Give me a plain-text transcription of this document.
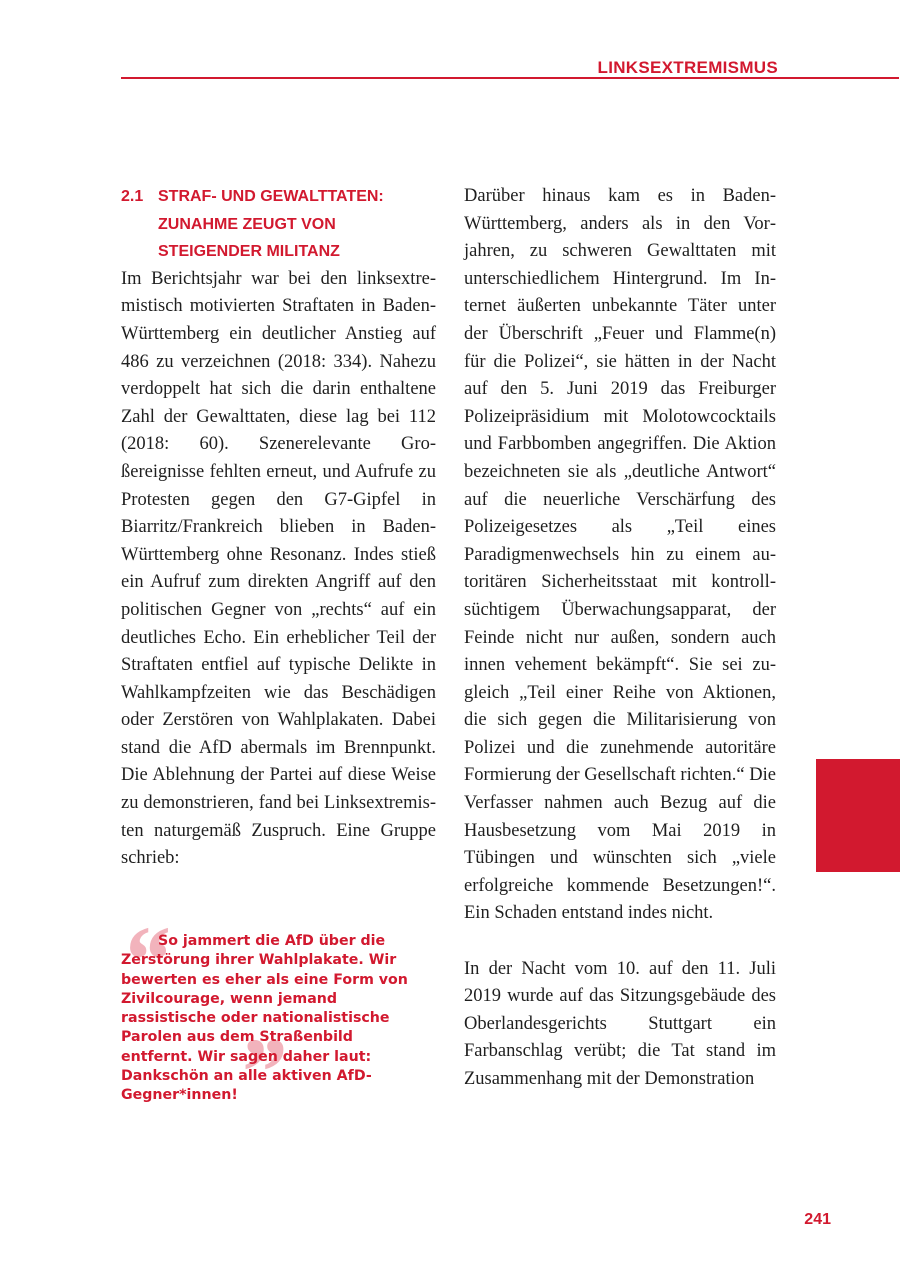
LINKSEXTREMISMUS
2.1 STRAF- UND GEWALTTATEN: ZUNAHME ZEUGT VON STEIGENDER MILITANZ

Im Berichtsjahr war bei den linksextremistisch motivierten Straftaten in Baden-Württemberg ein deutlicher Anstieg auf 486 zu verzeichnen (2018: 334). Nahezu verdoppelt hat sich die darin enthaltene Zahl der Gewalttaten, diese lag bei 112 (2018: 60). Szenerelevante Großereignisse fehlten erneut, und Aufrufe zu Protesten gegen den G7-Gipfel in Biarritz/Frankreich blieben in Baden-Württemberg ohne Resonanz. Indes stieß ein Aufruf zum direkten Angriff auf den politischen Gegner von „rechts“ auf ein deutliches Echo. Ein erheblicher Teil der Straftaten entfiel auf typische Delikte in Wahlkampfzeiten wie das Beschädigen oder Zerstören von Wahlplakaten. Dabei stand die AfD abermals im Brennpunkt. Die Ablehnung der Partei auf diese Weise zu demonstrieren, fand bei Linksextremisten naturgemäß Zuspruch. Eine Gruppe schrieb:

“
”
So jammert die AfD über die Zerstörung ihrer Wahlplakate. Wir bewerten es eher als eine Form von Zivilcourage, wenn jemand rassistische oder nationalistische Parolen aus dem Straßenbild entfernt. Wir sagen daher laut: Dankschön an alle aktiven AfD-Gegner*innen!

Darüber hinaus kam es in Baden-Württemberg, anders als in den Vorjahren, zu schweren Gewalttaten mit unterschiedlichem Hintergrund. Im Internet äußerten unbekannte Täter unter der Überschrift „Feuer und Flamme(n) für die Polizei“, sie hätten in der Nacht auf den 5. Juni 2019 das Freiburger Polizeipräsidium mit Molotowcocktails und Farbbomben angegriffen. Die Aktion bezeichneten sie als „deutliche Antwort“ auf die neuerliche Verschärfung des Polizeigesetzes als „Teil eines Paradigmenwechsels hin zu einem autoritären Sicherheitsstaat mit kontrollsüchtigem Überwachungsapparat, der Feinde nicht nur außen, sondern auch innen vehement bekämpft“. Sie sei zugleich „Teil einer Reihe von Aktionen, die sich gegen die Militarisierung von Polizei und die zunehmende autoritäre Formierung der Gesellschaft richten.“ Die Verfasser nahmen auch Bezug auf die Hausbesetzung vom Mai 2019 in Tübingen und wünschten sich „viele erfolgreiche kommende Besetzungen!“. Ein Schaden entstand indes nicht.

In der Nacht vom 10. auf den 11. Juli 2019 wurde auf das Sitzungsgebäude des Oberlandesgerichts Stuttgart ein Farbanschlag verübt; die Tat stand im Zusammenhang mit der Demonstration

241
